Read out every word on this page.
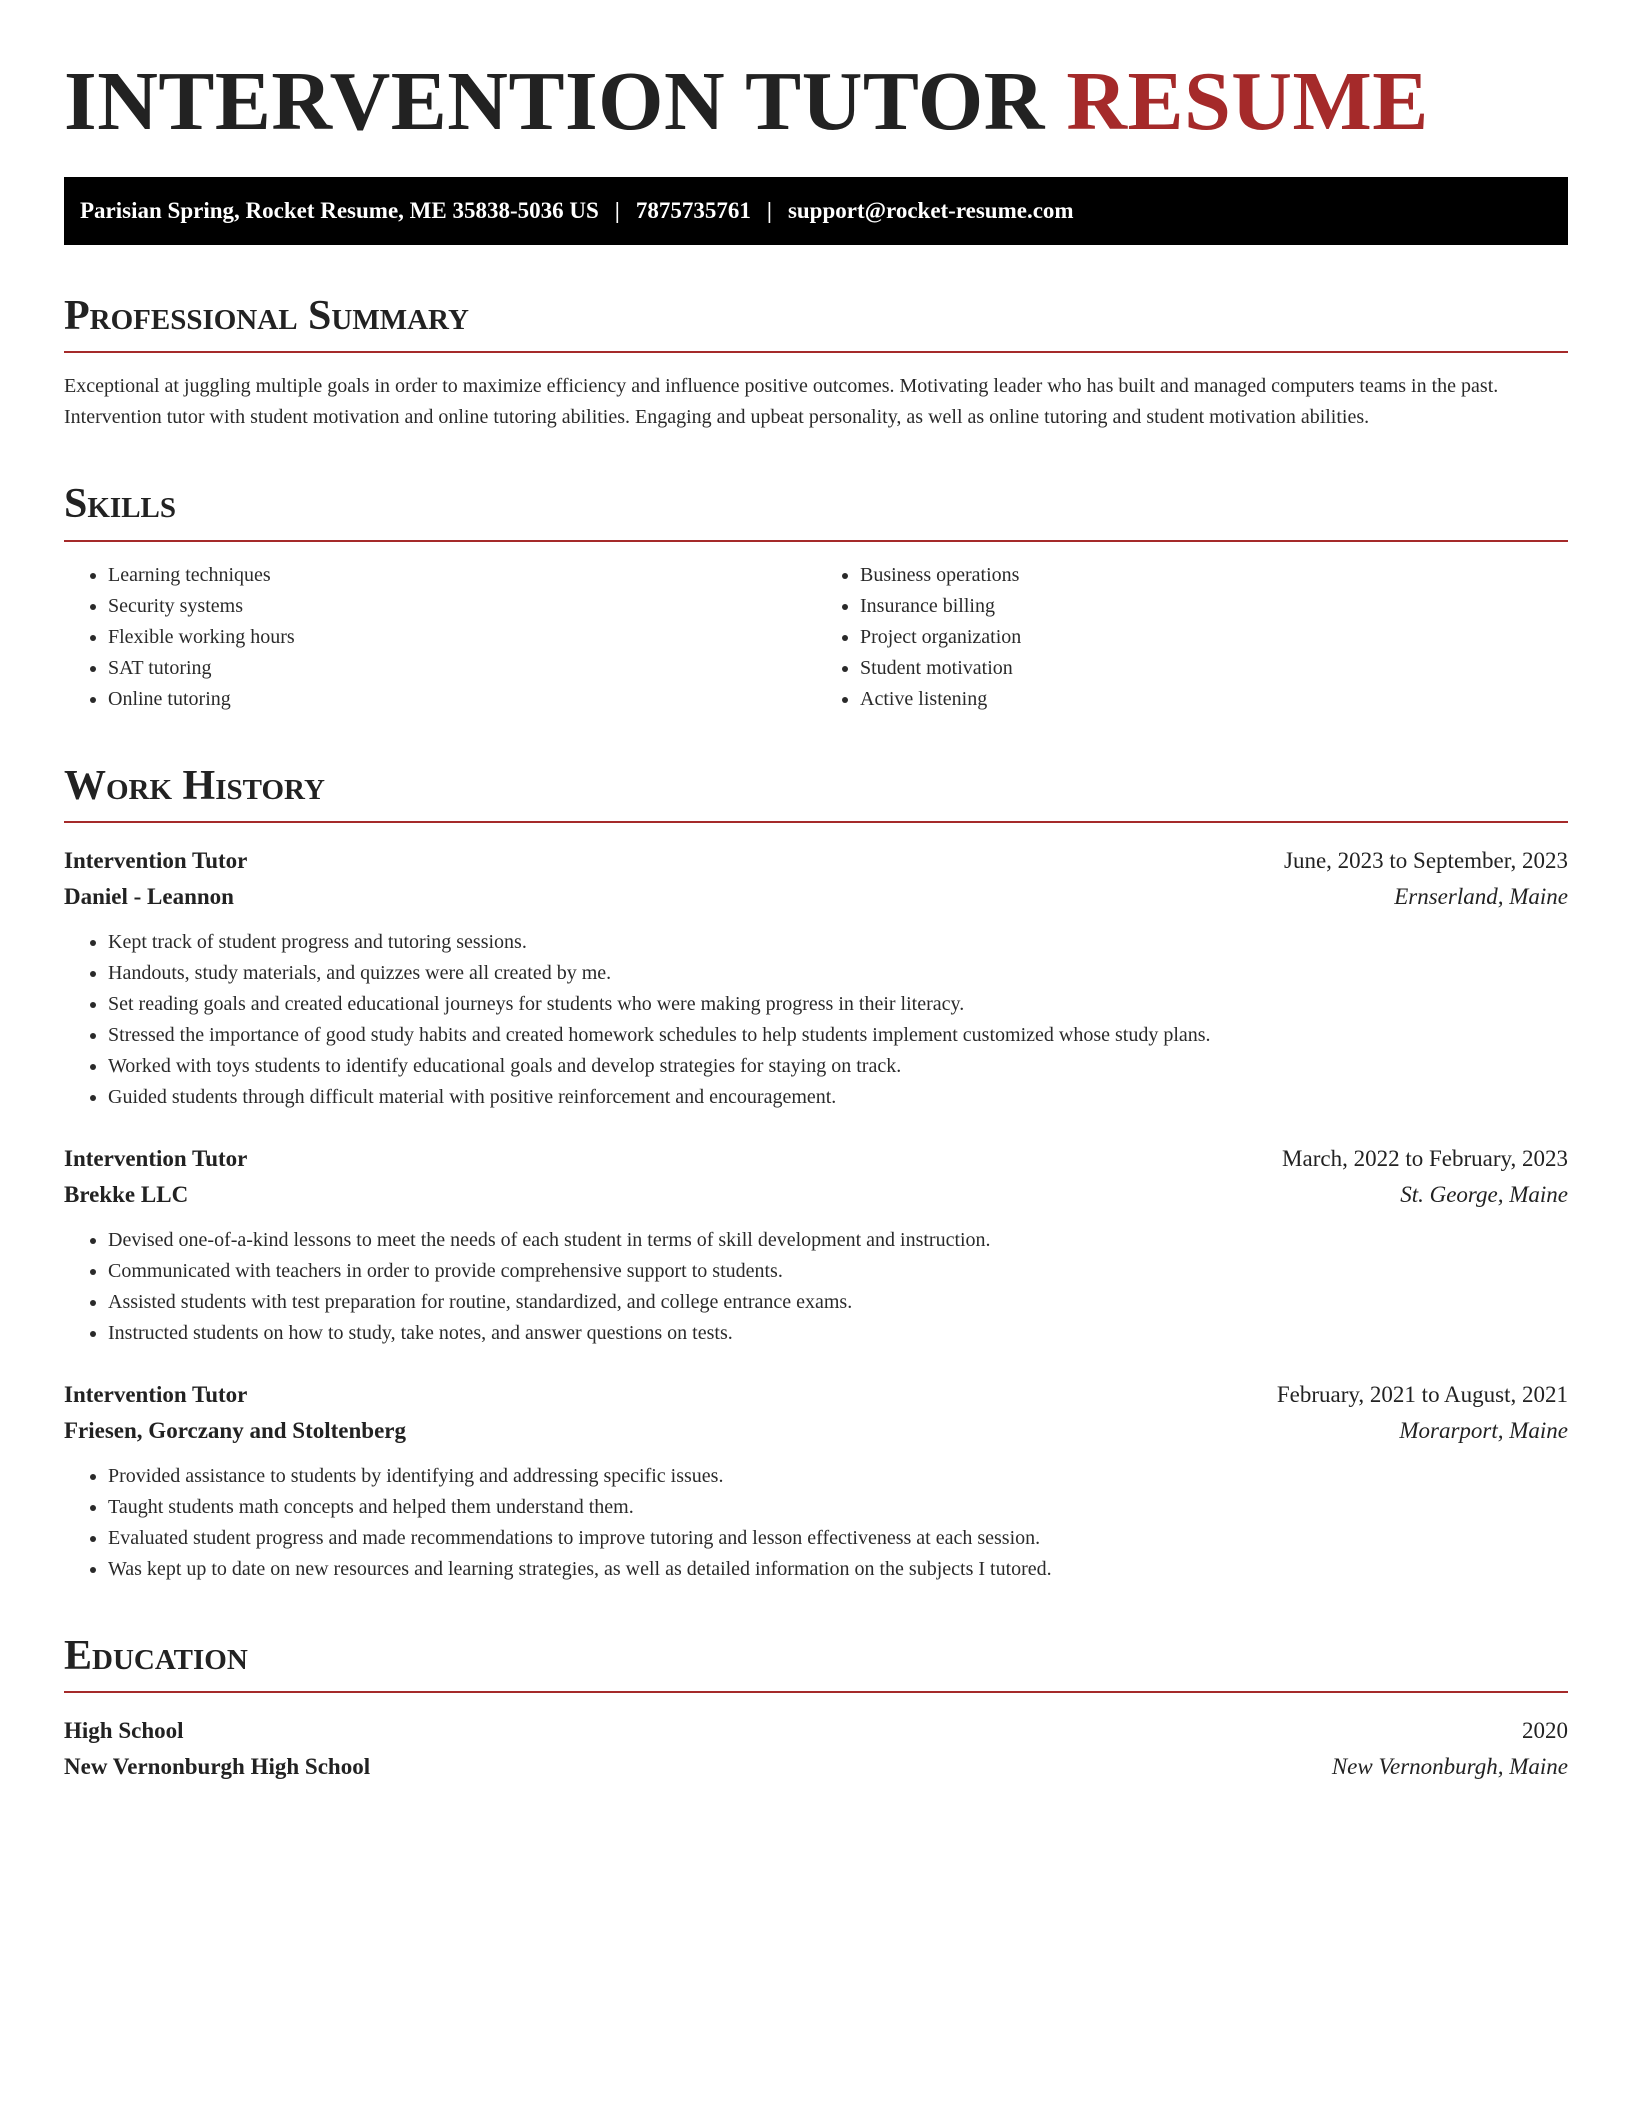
INTERVENTION TUTOR RESUME
Parisian Spring, Rocket Resume, ME 35838-5036 US | 7875735761 | support@rocket-resume.com
Professional Summary

Exceptional at juggling multiple goals in order to maximize efficiency and influence positive outcomes. Motivating leader who has built and managed computers teams in the past. Intervention tutor with student motivation and online tutoring abilities. Engaging and upbeat personality, as well as online tutoring and student motivation abilities.

Skills
• Learning techniques
• Security systems
• Flexible working hours
• SAT tutoring
• Online tutoring
• Business operations
• Insurance billing
• Project organization
• Student motivation
• Active listening
Work History
Intervention Tutor	June, 2023 to September, 2023
Daniel - Leannon	Ernserland, Maine
• Kept track of student progress and tutoring sessions.
• Handouts, study materials, and quizzes were all created by me.
• Set reading goals and created educational journeys for students who were making progress in their literacy.
• Stressed the importance of good study habits and created homework schedules to help students implement customized whose study plans.
• Worked with toys students to identify educational goals and develop strategies for staying on track.
• Guided students through difficult material with positive reinforcement and encouragement.
Intervention Tutor	March, 2022 to February, 2023
Brekke LLC	St. George, Maine
• Devised one-of-a-kind lessons to meet the needs of each student in terms of skill development and instruction.
• Communicated with teachers in order to provide comprehensive support to students.
• Assisted students with test preparation for routine, standardized, and college entrance exams.
• Instructed students on how to study, take notes, and answer questions on tests.
Intervention Tutor	February, 2021 to August, 2021
Friesen, Gorczany and Stoltenberg	Morarport, Maine
• Provided assistance to students by identifying and addressing specific issues.
• Taught students math concepts and helped them understand them.
• Evaluated student progress and made recommendations to improve tutoring and lesson effectiveness at each session.
• Was kept up to date on new resources and learning strategies, as well as detailed information on the subjects I tutored.
Education
High School	2020
New Vernonburgh High School	New Vernonburgh, Maine
